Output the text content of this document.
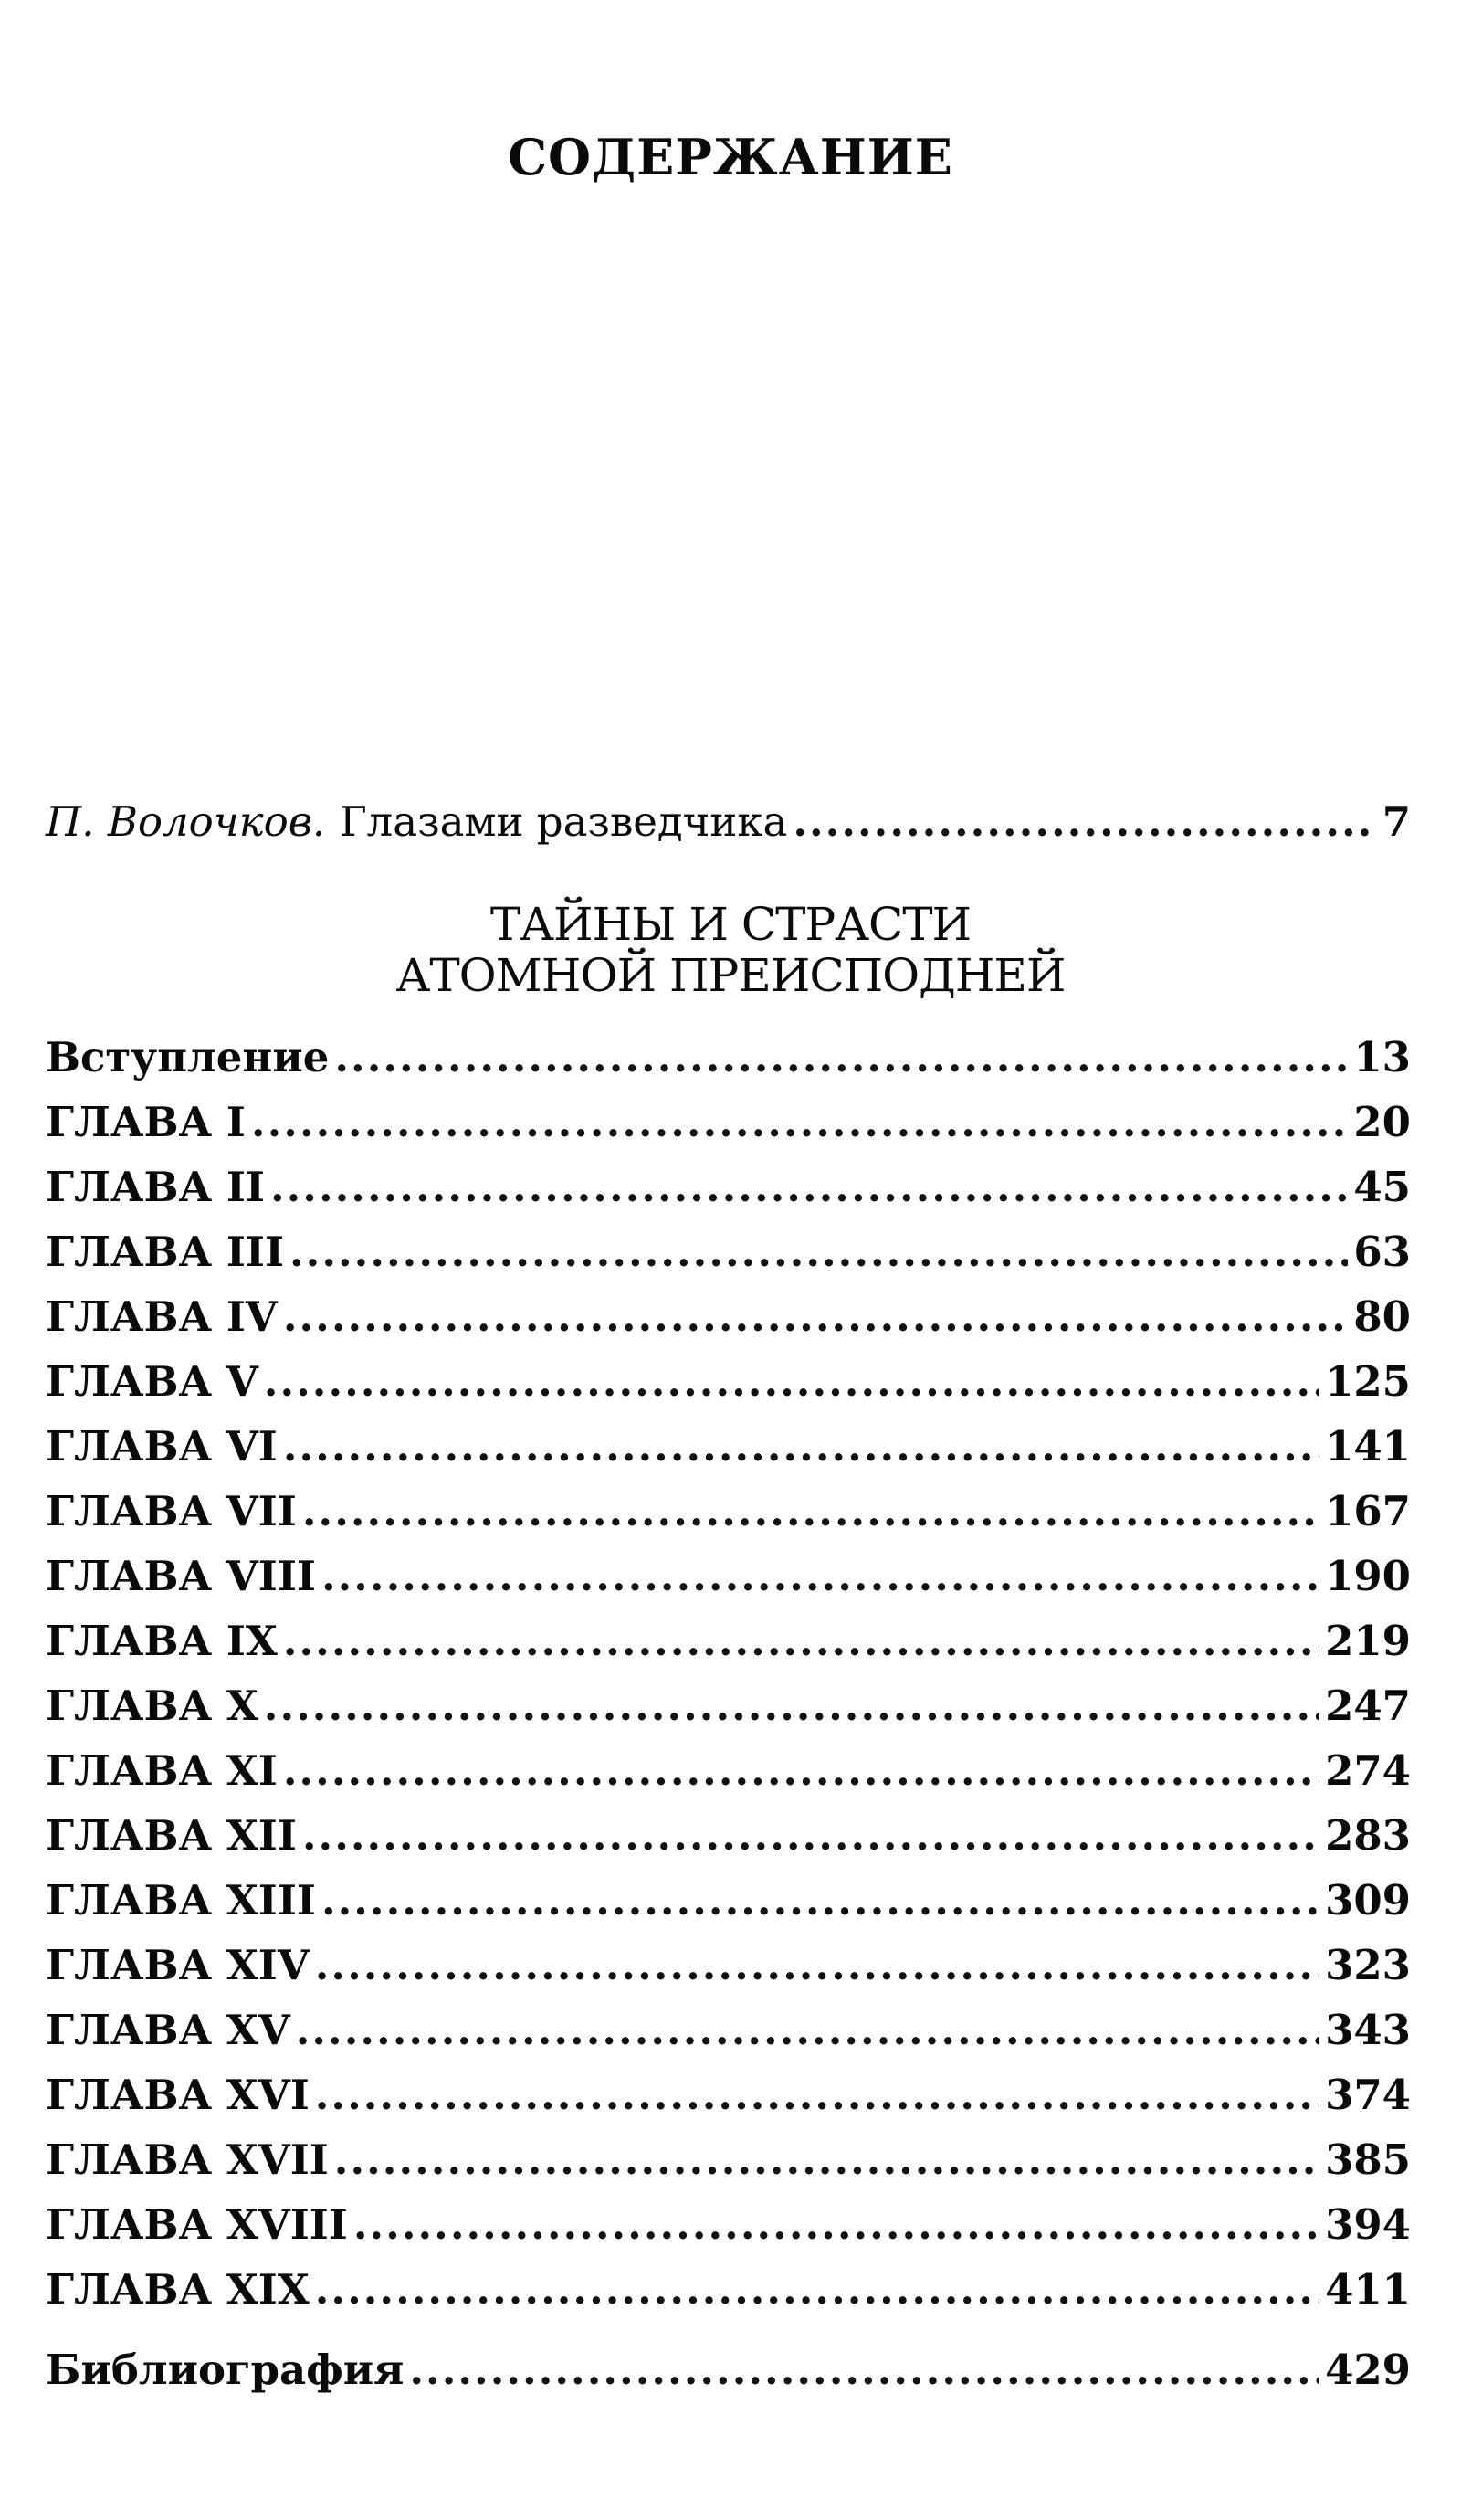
СОДЕРЖАНИЕ
П. Волочков. Глазами разведчика .....	7
ТАЙНЫ И СТРАСТИ
АТОМНОЙ ПРЕИСПОДНЕЙ
Вступление .....	13
ГЛАВА I .....	20
ГЛАВА II .....	45
ГЛАВА III .....	63
ГЛАВА IV .....	80
ГЛАВА V .....	125
ГЛАВА VI .....	141
ГЛАВА VII .....	167
ГЛАВА VIII .....	190
ГЛАВА IX .....	219
ГЛАВА X .....	247
ГЛАВА XI .....	274
ГЛАВА XII .....	283
ГЛАВА XIII .....	309
ГЛАВА XIV .....	323
ГЛАВА XV .....	343
ГЛАВА XVI .....	374
ГЛАВА XVII .....	385
ГЛАВА XVIII .....	394
ГЛАВА XIX .....	411
Библиография .....	429
